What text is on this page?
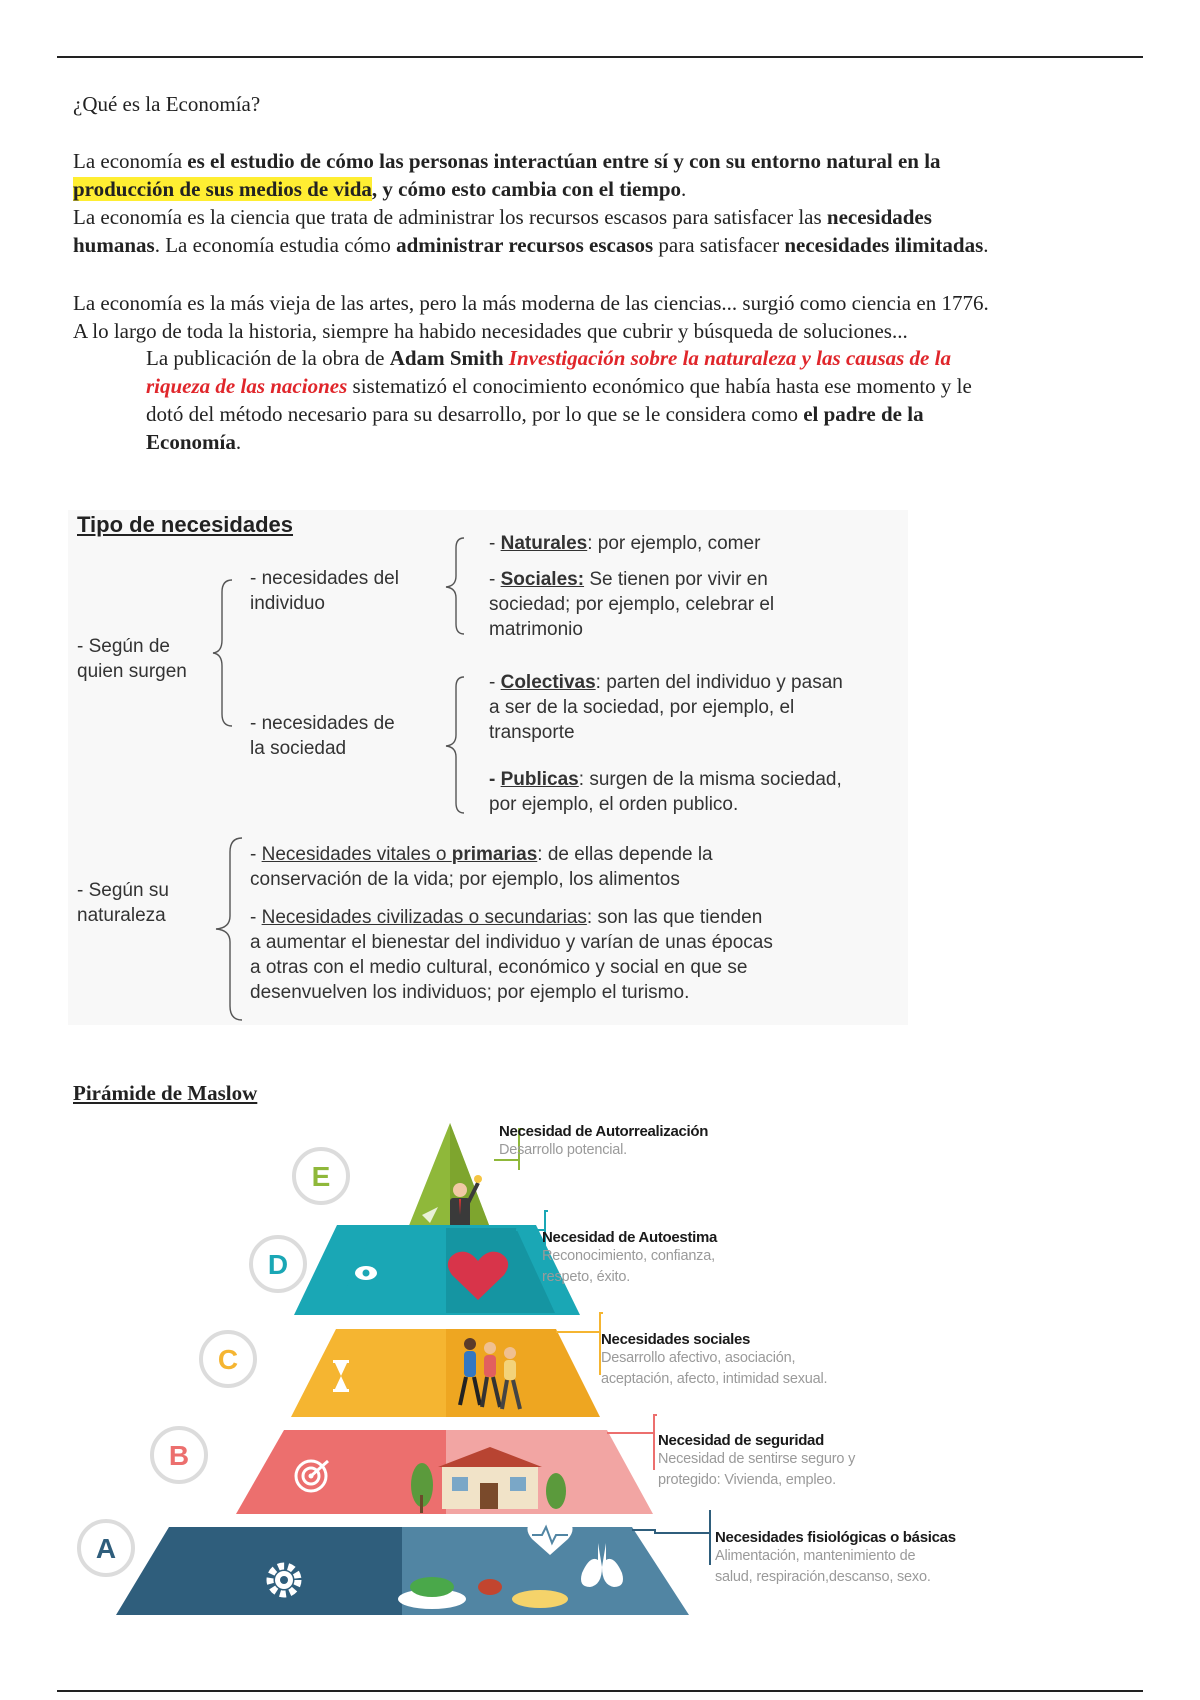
¿Qué es la Economía?
La economía es el estudio de cómo las personas interactúan entre sí y con su entorno natural en la
producción de sus medios de vida, y cómo esto cambia con el tiempo.
La economía es la ciencia que trata de administrar los recursos escasos para satisfacer las necesidades
humanas. La economía estudia cómo administrar recursos escasos para satisfacer necesidades ilimitadas.
La economía es la más vieja de las artes, pero la más moderna de las ciencias... surgió como ciencia en 1776.
A lo largo de toda la historia, siempre ha habido necesidades que cubrir y búsqueda de soluciones...
La publicación de la obra de Adam Smith Investigación sobre la naturaleza y las causas de la
riqueza de las naciones sistematizó el conocimiento económico que había hasta ese momento y le
dotó del método necesario para su desarrollo, por lo que se le considera como el padre de la
Economía.
Tipo de necesidades
- Según de
quien surgen
- necesidades del
individuo
- necesidades de
la sociedad
- Naturales: por ejemplo, comer
- Sociales: Se tienen por vivir en
sociedad; por ejemplo, celebrar el
matrimonio
- Colectivas: parten del individuo y pasan
a ser de la sociedad, por ejemplo, el
transporte
- Publicas: surgen de la misma sociedad,
por ejemplo, el orden publico.
- Según su
naturaleza
- Necesidades vitales o primarias: de ellas depende la
conservación de la vida; por ejemplo, los alimentos
- Necesidades civilizadas o secundarias: son las que tienden
a aumentar el bienestar del individuo y varían de unas épocas
a otras con el medio cultural, económico y social en que se
desenvuelven los individuos; por ejemplo el turismo.
Pirámide de Maslow
E
D
C
B
A
Necesidad de Autorrealización
Desarrollo potencial.
Necesidad de Autoestima
Reconocimiento, confianza,
respeto, éxito.
Necesidades sociales
Desarrollo afectivo, asociación,
aceptación, afecto, intimidad sexual.
Necesidad de seguridad
Necesidad de sentirse seguro y
protegido: Vivienda, empleo.
Necesidades fisiológicas o básicas
Alimentación, mantenimiento de
salud, respiración,descanso, sexo.
